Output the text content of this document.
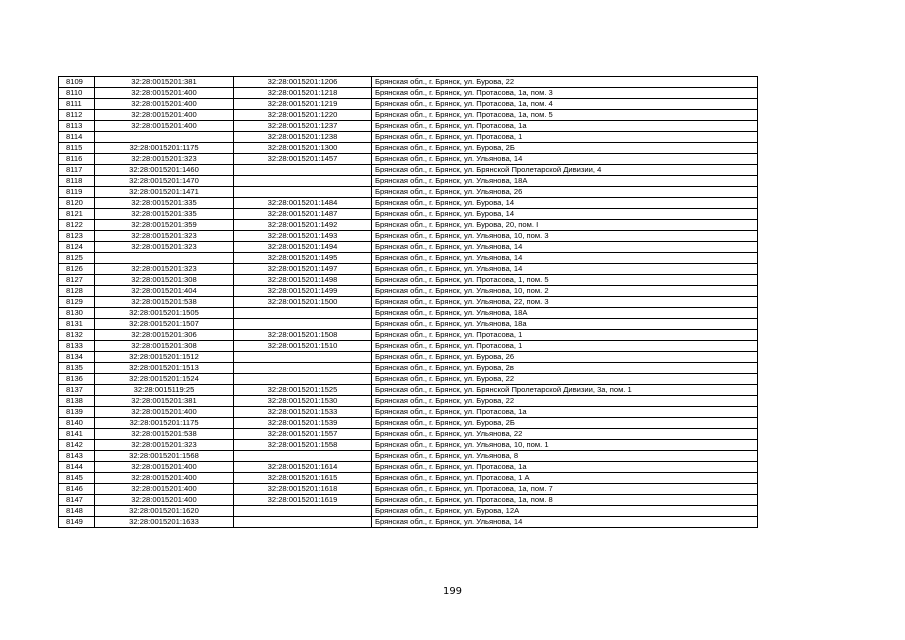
8109	32:28:0015201:381	32:28:0015201:1206	Брянская обл., г. Брянск, ул. Бурова, 22
8110	32:28:0015201:400	32:28:0015201:1218	Брянская обл., г. Брянск, ул. Протасова, 1а, пом. 3
8111	32:28:0015201:400	32:28:0015201:1219	Брянская обл., г. Брянск, ул. Протасова, 1а, пом. 4
8112	32:28:0015201:400	32:28:0015201:1220	Брянская обл., г. Брянск, ул. Протасова, 1а, пом. 5
8113	32:28:0015201:400	32:28:0015201:1237	Брянская обл., г. Брянск, ул. Протасова, 1а
8114		32:28:0015201:1238	Брянская обл., г. Брянск, ул. Протасова, 1
8115	32:28:0015201:1175	32:28:0015201:1300	Брянская обл., г. Брянск, ул. Бурова, 2Б
8116	32:28:0015201:323	32:28:0015201:1457	Брянская обл., г. Брянск, ул. Ульянова, 14
8117	32:28:0015201:1460		Брянская обл., г. Брянск, ул. Брянской Пролетарской Дивизии, 4
8118	32:28:0015201:1470		Брянская обл., г. Брянск, ул. Ульянова, 18А
8119	32:28:0015201:1471		Брянская обл., г. Брянск, ул. Ульянова, 26
8120	32:28:0015201:335	32:28:0015201:1484	Брянская обл., г. Брянск, ул. Бурова, 14
8121	32:28:0015201:335	32:28:0015201:1487	Брянская обл., г. Брянск, ул. Бурова, 14
8122	32:28:0015201:359	32:28:0015201:1492	Брянская обл., г. Брянск, ул. Бурова, 20, пом. I
8123	32:28:0015201:323	32:28:0015201:1493	Брянская обл., г. Брянск, ул. Ульянова, 10, пом. 3
8124	32:28:0015201:323	32:28:0015201:1494	Брянская обл., г. Брянск, ул. Ульянова, 14
8125		32:28:0015201:1495	Брянская обл., г. Брянск, ул. Ульянова, 14
8126	32:28:0015201:323	32:28:0015201:1497	Брянская обл., г. Брянск, ул. Ульянова, 14
8127	32:28:0015201:308	32:28:0015201:1498	Брянская обл., г. Брянск, ул. Протасова, 1, пом. 5
8128	32:28:0015201:404	32:28:0015201:1499	Брянская обл., г. Брянск, ул. Ульянова, 10, пом. 2
8129	32:28:0015201:538	32:28:0015201:1500	Брянская обл., г. Брянск, ул. Ульянова, 22, пом. 3
8130	32:28:0015201:1505		Брянская обл., г. Брянск, ул. Ульянова, 18А
8131	32:28:0015201:1507		Брянская обл., г. Брянск, ул. Ульянова, 18а
8132	32:28:0015201:306	32:28:0015201:1508	Брянская обл., г. Брянск, ул. Протасова, 1
8133	32:28:0015201:308	32:28:0015201:1510	Брянская обл., г. Брянск, ул. Протасова, 1
8134	32:28:0015201:1512		Брянская обл., г. Брянск, ул. Бурова, 26
8135	32:28:0015201:1513		Брянская обл., г. Брянск, ул. Бурова, 2в
8136	32:28:0015201:1524		Брянская обл., г. Брянск, ул. Бурова, 22
8137	32:28:0015119:25	32:28:0015201:1525	Брянская обл., г. Брянск, ул. Брянской Пролетарской Дивизии, 3а, пом. 1
8138	32:28:0015201:381	32:28:0015201:1530	Брянская обл., г. Брянск, ул. Бурова, 22
8139	32:28:0015201:400	32:28:0015201:1533	Брянская обл., г. Брянск, ул. Протасова, 1а
8140	32:28:0015201:1175	32:28:0015201:1539	Брянская обл., г. Брянск, ул. Бурова, 2Б
8141	32:28:0015201:538	32:28:0015201:1557	Брянская обл., г. Брянск, ул. Ульянова, 22
8142	32:28:0015201:323	32:28:0015201:1558	Брянская обл., г. Брянск, ул. Ульянова, 10, пом. 1
8143	32:28:0015201:1568		Брянская обл., г. Брянск, ул. Ульянова, 8
8144	32:28:0015201:400	32:28:0015201:1614	Брянская обл., г. Брянск, ул. Протасова, 1а
8145	32:28:0015201:400	32:28:0015201:1615	Брянская обл., г. Брянск, ул. Протасова, 1 А
8146	32:28:0015201:400	32:28:0015201:1618	Брянская обл., г. Брянск, ул. Протасова, 1а, пом. 7
8147	32:28:0015201:400	32:28:0015201:1619	Брянская обл., г. Брянск, ул. Протасова, 1а, пом. 8
8148	32:28:0015201:1620		Брянская обл., г. Брянск, ул. Бурова, 12А
8149	32:28:0015201:1633		Брянская обл., г. Брянск, ул. Ульянова, 14
199
